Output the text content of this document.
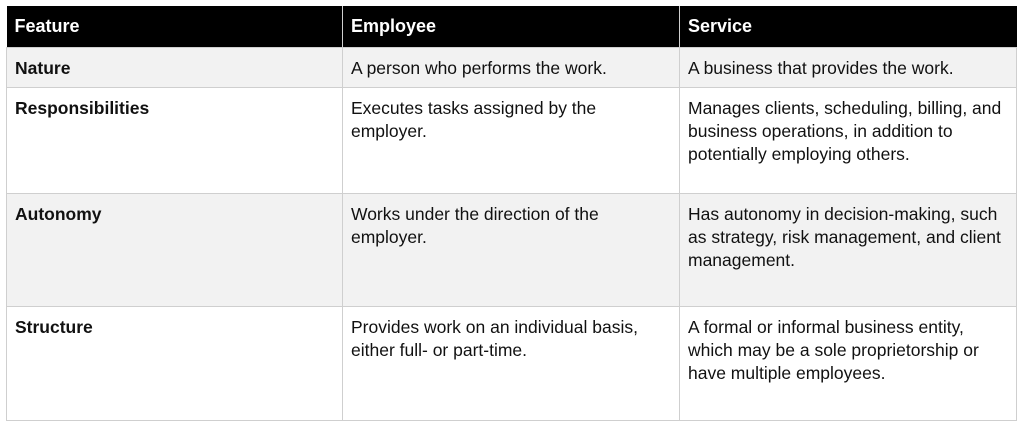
Feature	Employee	Service
Nature	A person who performs the work.	A business that provides the work.
Responsibilities	Executes tasks assigned by the employer.	Manages clients, scheduling, billing, and business operations, in addition to potentially employing others.
Autonomy	Works under the direction of the employer.	Has autonomy in decision-making, such as strategy, risk management, and client management.
Structure	Provides work on an individual basis, either full- or part-time.	A formal or informal business entity, which may be a sole proprietorship or have multiple employees.
